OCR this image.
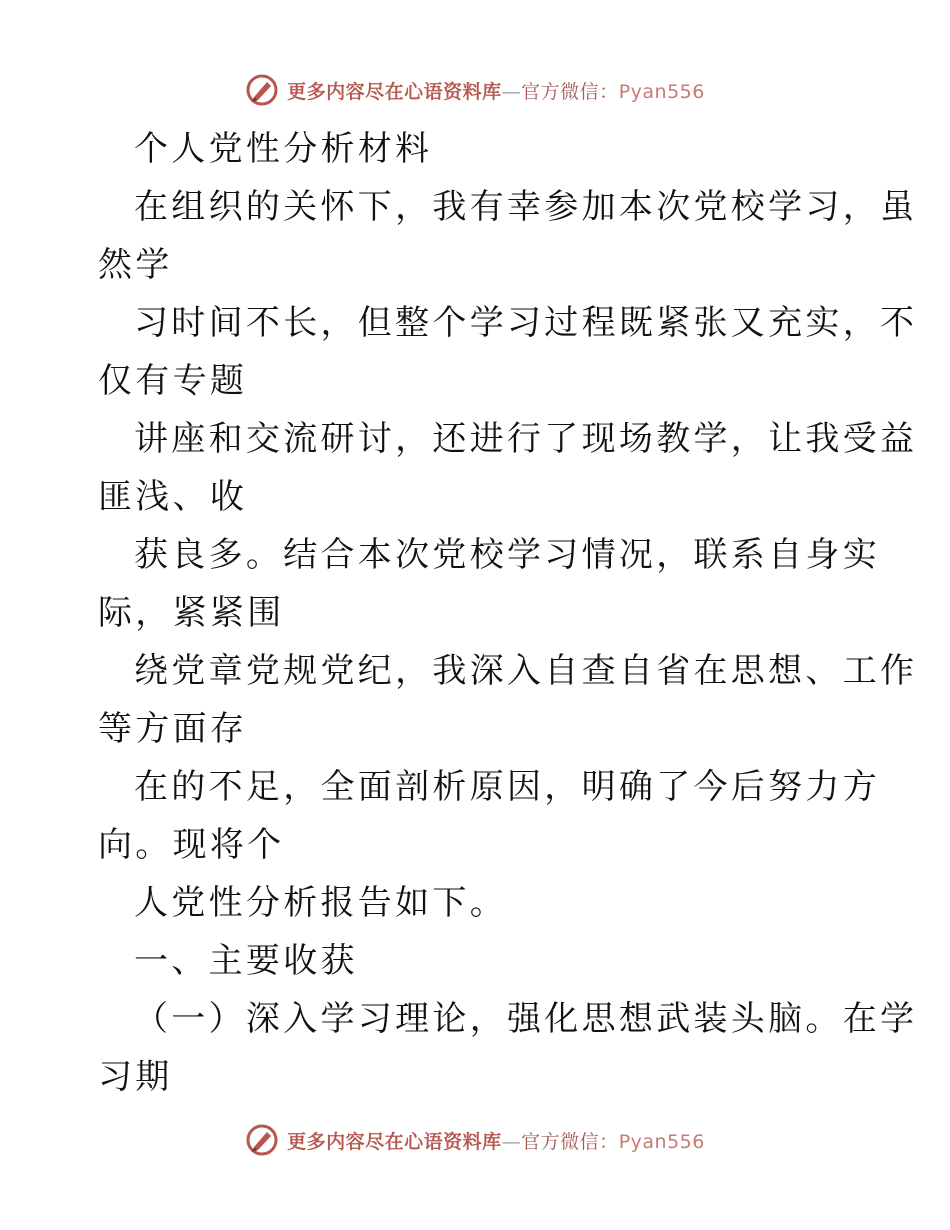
更多内容尽在心语资料库—官方微信：Pyan556
个人党性分析材料
在组织的关怀下，我有幸参加本次党校学习，虽
然学
习时间不长，但整个学习过程既紧张又充实，不
仅有专题
讲座和交流研讨，还进行了现场教学，让我受益
匪浅、收
获良多。结合本次党校学习情况，联系自身实
际，紧紧围
绕党章党规党纪，我深入自查自省在思想、工作
等方面存
在的不足，全面剖析原因，明确了今后努力方
向。现将个
人党性分析报告如下。
一、主要收获
（一）深入学习理论，强化思想武装头脑。在学
习期
更多内容尽在心语资料库—官方微信：Pyan556
